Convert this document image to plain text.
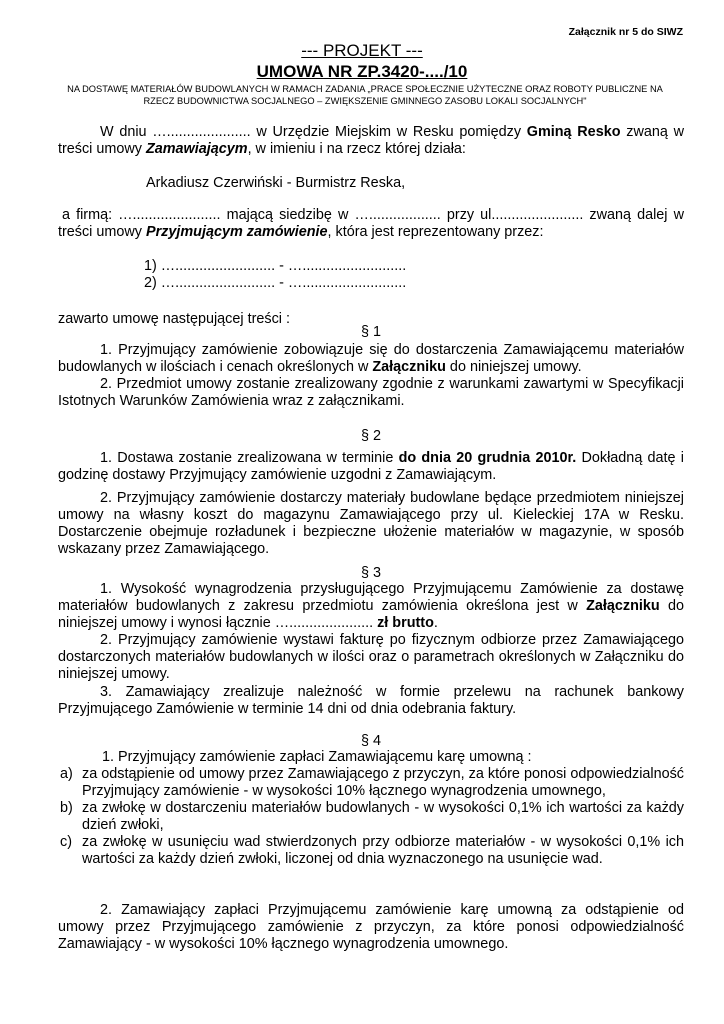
Załącznik nr 5 do SIWZ
--- PROJEKT ---
UMOWA NR ZP.3420-..../10
NA DOSTAWĘ MATERIAŁÓW BUDOWLANYCH W RAMACH ZADANIA „PRACE SPOŁECZNIE UŻYTECZNE ORAZ ROBOTY PUBLICZNE NA
RZECZ BUDOWNICTWA SOCJALNEGO – ZWIĘKSZENIE GMINNEGO ZASOBU LOKALI SOCJALNYCH"

W dniu …..................... w Urzędzie Miejskim w Resku pomiędzy Gminą Resko zwaną w treści umowy Zamawiającym, w imieniu i na rzecz której działa:

Arkadiusz Czerwiński - Burmistrz Reska,

a firmą: …...................... mającą siedzibę w ….................. przy ul....................... zwaną dalej w treści umowy Przyjmującym zamówienie, która jest reprezentowany przez:

1) …......................... - …..........................

2) …......................... - …..........................

zawarto umowę następującej treści :

§ 1

1. Przyjmujący zamówienie zobowiązuje się do dostarczenia Zamawiającemu materiałów budowlanych w ilościach i cenach określonych w Załączniku do niniejszej umowy.

2. Przedmiot umowy zostanie zrealizowany zgodnie z warunkami zawartymi w Specyfikacji Istotnych Warunków Zamówienia wraz z załącznikami.

§ 2

1. Dostawa zostanie zrealizowana w terminie do dnia 20 grudnia 2010r. Dokładną datę i godzinę dostawy Przyjmujący zamówienie uzgodni z Zamawiającym.

2. Przyjmujący zamówienie dostarczy materiały budowlane będące przedmiotem niniejszej umowy na własny koszt do magazynu Zamawiającego przy ul. Kieleckiej 17A w Resku. Dostarczenie obejmuje rozładunek i bezpieczne ułożenie materiałów w magazynie, w sposób wskazany przez Zamawiającego.

§ 3

1. Wysokość wynagrodzenia przysługującego Przyjmującemu Zamówienie za dostawę materiałów budowlanych z zakresu przedmiotu zamówienia określona jest w Załączniku do niniejszej umowy i wynosi łącznie …..................... zł brutto.

2. Przyjmujący zamówienie wystawi fakturę po fizycznym odbiorze przez Zamawiającego dostarczonych materiałów budowlanych w ilości oraz o parametrach określonych w Załączniku do niniejszej umowy.

3. Zamawiający zrealizuje należność w formie przelewu na rachunek bankowy Przyjmującego Zamówienie w terminie 14 dni od dnia odebrania faktury.

§ 4

1. Przyjmujący zamówienie zapłaci Zamawiającemu karę umowną :

a) za odstąpienie od umowy przez Zamawiającego z przyczyn, za które ponosi odpowiedzialność Przyjmujący zamówienie - w wysokości 10% łącznego wynagrodzenia umownego,
b) za zwłokę w dostarczeniu materiałów budowlanych - w wysokości 0,1% ich wartości za każdy dzień zwłoki,
c) za zwłokę w usunięciu wad stwierdzonych przy odbiorze materiałów - w wysokości 0,1% ich wartości za każdy dzień zwłoki, liczonej od dnia wyznaczonego na usunięcie wad.

2. Zamawiający zapłaci Przyjmującemu zamówienie karę umowną za odstąpienie od umowy przez Przyjmującego zamówienie z przyczyn, za które ponosi odpowiedzialność Zamawiający - w wysokości 10% łącznego wynagrodzenia umownego.
